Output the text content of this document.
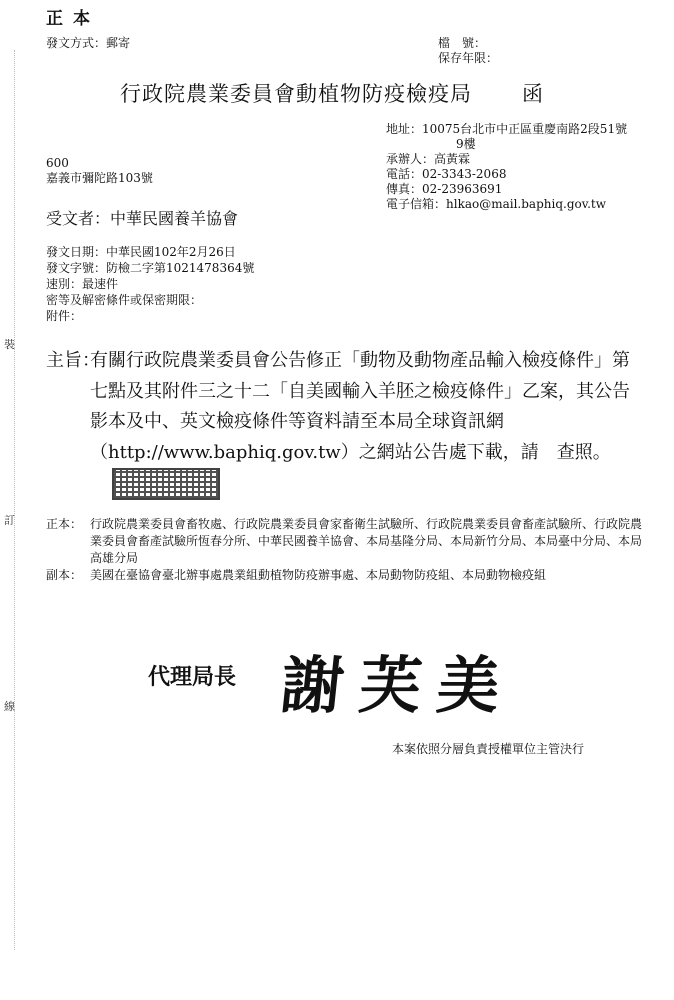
裝
訂
線
正本
發文方式：郵寄	檔　號：
保存年限：
行政院農業委員會動植物防疫檢疫局 函
地址：10075台北市中正區重慶南路2段51號
9樓
承辦人：高黃霖
電話：02-3343-2068
傳真：02-23963691
電子信箱：hlkao@mail.baphiq.gov.tw
600
嘉義市彌陀路103號
受文者：中華民國養羊協會
發文日期：中華民國102年2月26日
發文字號：防檢二字第1021478364號
速別：最速件
密等及解密條件或保密期限：
附件：
主旨：
有關行政院農業委員會公告修正「動物及動物產品輸入檢疫條件」第七點及其附件三之十二「自美國輸入羊胚之檢疫條件」乙案，其公告影本及中、英文檢疫條件等資料請至本局全球資訊網（http://www.baphiq.gov.tw）之網站公告處下載，請　查照。
正本： 行政院農業委員會畜牧處、行政院農業委員會家畜衛生試驗所、行政院農業委員會畜產試驗所、行政院農業委員會畜產試驗所恆春分所、中華民國養羊協會、本局基隆分局、本局新竹分局、本局臺中分局、本局高雄分局
副本： 美國在臺協會臺北辦事處農業組動植物防疫辦事處、本局動物防疫組、本局動物檢疫組
代理局長 謝芙美
本案依照分層負責授權單位主管決行
